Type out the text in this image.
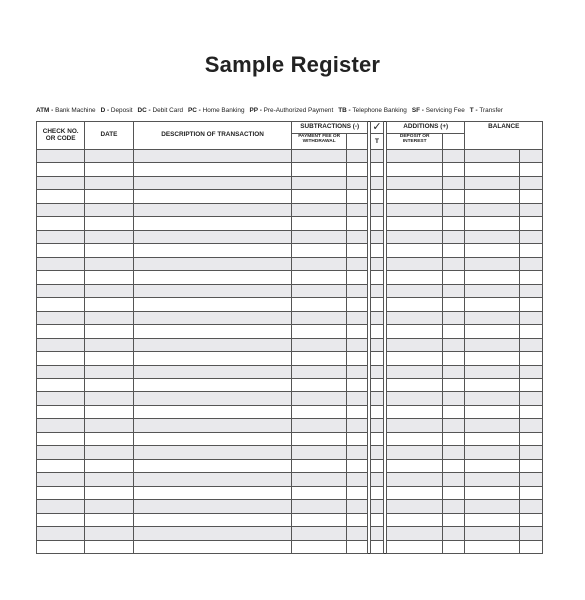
Sample Register
ATM - Bank Machine D - Deposit DC - Debit Card PC - Home Banking PP - Pre-Authorized Payment TB - Telephone Banking SF - Servicing Fee T - Transfer
CHECK NO.
OR CODE	DATE	DESCRIPTION OF TRANSACTION	SUBTRACTIONS (-)			✓		ADDITIONS (+)		BALANCE	

			PAYMENT FEE OR WITHDRAWAL			T		DEPOSIT OR INTEREST			
